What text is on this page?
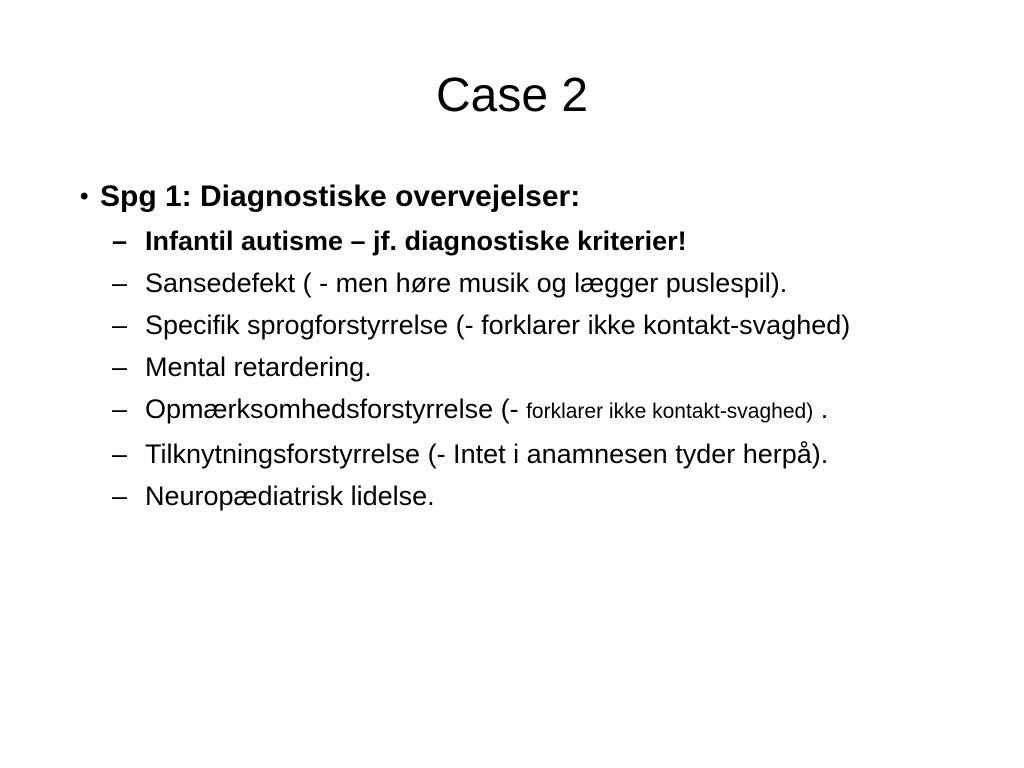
Case 2
• Spg 1: Diagnostiske overvejelser:
– Infantil autisme – jf. diagnostiske kriterier!
– Sansedefekt ( - men høre musik og lægger puslespil).
– Specifik sprogforstyrrelse (- forklarer ikke kontakt-svaghed)
– Mental retardering.
– Opmærksomhedsforstyrrelse (- forklarer ikke kontakt-svaghed) .
– Tilknytningsforstyrrelse (- Intet i anamnesen tyder herpå).
– Neuropædiatrisk lidelse.
